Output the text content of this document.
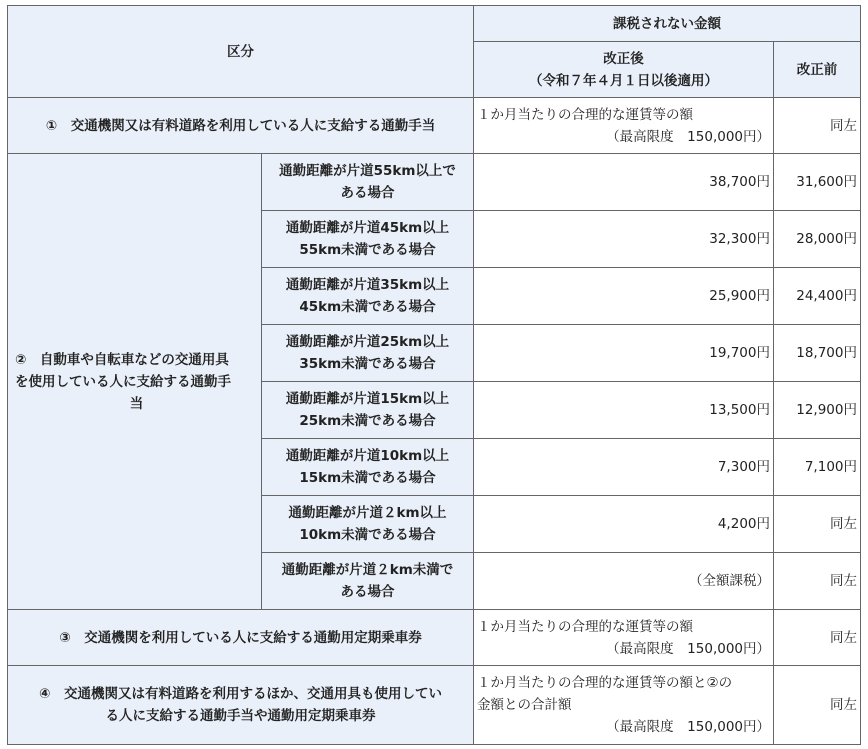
区分		課税されない金額	

		改正後
（令和７年４月１日以後適用）	改正前
①　交通機関又は有料道路を利用している人に支給する通勤手当		１か月当たりの合理的な運賃等の額
（最高限度　150,000円）	同左

②　自動車や自転車などの交通用具
を使用している人に支給する通勤手
当	通勤距離が片道55km以上で
ある場合	38,700円	31,600円

	通勤距離が片道45km以上
55km未満である場合	32,300円	28,000円

	通勤距離が片道35km以上
45km未満である場合	25,900円	24,400円

	通勤距離が片道25km以上
35km未満である場合	19,700円	18,700円

	通勤距離が片道15km以上
25km未満である場合	13,500円	12,900円

	通勤距離が片道10km以上
15km未満である場合	7,300円	7,100円

	通勤距離が片道２km以上
10km未満である場合	4,200円	同左

	通勤距離が片道２km未満で
ある場合	（全額課税）	同左
③　交通機関を利用している人に支給する通勤用定期乗車券		１か月当たりの合理的な運賃等の額
（最高限度　150,000円）	同左

④　交通機関又は有料道路を利用するほか、交通用具も使用してい
る人に支給する通勤手当や通勤用定期乗車券		１か月当たりの合理的な運賃等の額と②の
金額との合計額
（最高限度　150,000円）	同左
